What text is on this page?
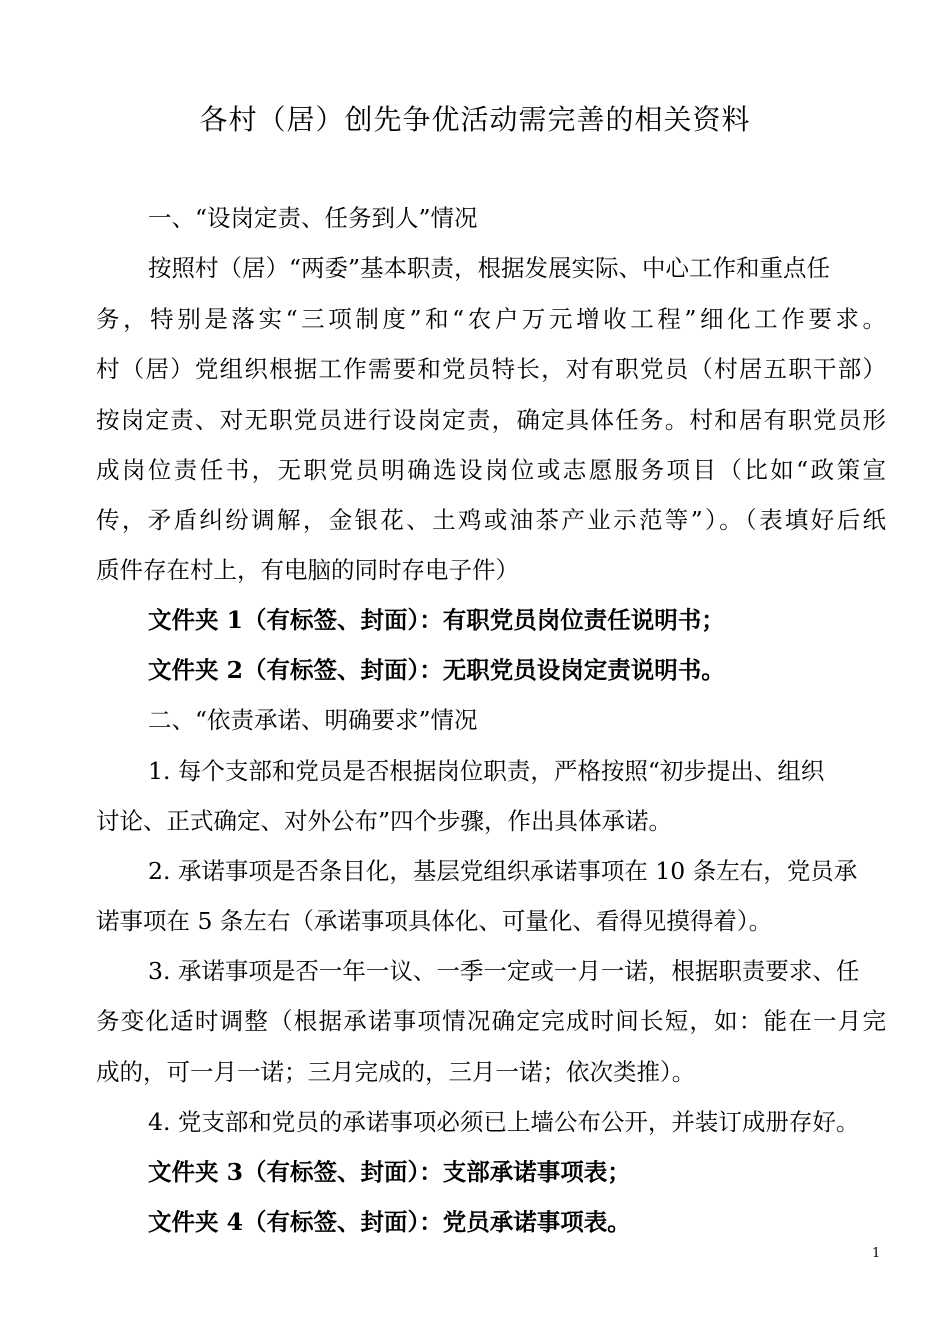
各村（居）创先争优活动需完善的相关资料
一、“设岗定责、任务到人”情况
按照村（居）“两委”基本职责，根据发展实际、中心工作和重点任
务，特别是落实“三项制度”和“农户万元增收工程”细化工作要求。
村（居）党组织根据工作需要和党员特长，对有职党员（村居五职干部）
按岗定责、对无职党员进行设岗定责，确定具体任务。村和居有职党员形
成岗位责任书，无职党员明确选设岗位或志愿服务项目（比如“政策宣
传，矛盾纠纷调解，金银花、土鸡或油茶产业示范等”）。（表填好后纸
质件存在村上，有电脑的同时存电子件）
文件夹 1（有标签、封面）：有职党员岗位责任说明书；
文件夹 2（有标签、封面）：无职党员设岗定责说明书。
二、“依责承诺、明确要求”情况
1. 每个支部和党员是否根据岗位职责，严格按照“初步提出、组织
讨论、正式确定、对外公布”四个步骤，作出具体承诺。
2. 承诺事项是否条目化，基层党组织承诺事项在 10 条左右，党员承
诺事项在 5 条左右（承诺事项具体化、可量化、看得见摸得着）。
3. 承诺事项是否一年一议、一季一定或一月一诺，根据职责要求、任
务变化适时调整（根据承诺事项情况确定完成时间长短，如：能在一月完
成的，可一月一诺；三月完成的，三月一诺；依次类推）。
4. 党支部和党员的承诺事项必须已上墙公布公开，并装订成册存好。
文件夹 3（有标签、封面）：支部承诺事项表；
文件夹 4（有标签、封面）：党员承诺事项表。
1
